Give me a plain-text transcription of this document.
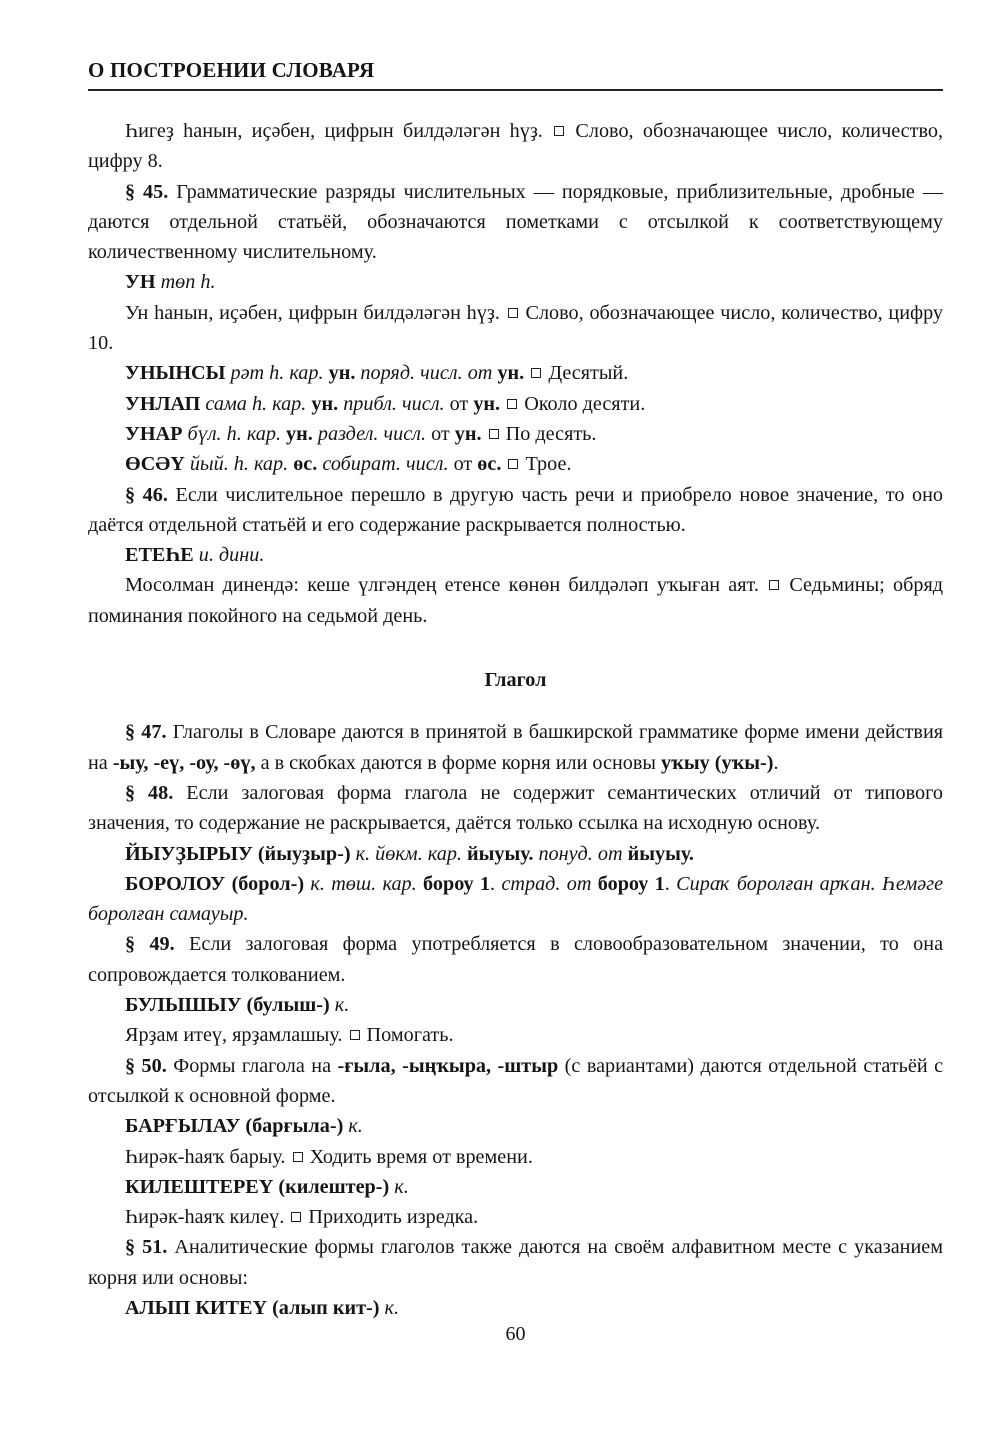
О ПОСТРОЕНИИ СЛОВАРЯ

Һигеҙ һанын, иҫәбен, цифрын билдәләгән һүҙ. Слово, обозначающее число, количество, цифру 8.

§ 45. Грамматические разряды числительных — порядковые, приблизительные, дробные — даются отдельной статьёй, обозначаются пометками с отсылкой к соответствующему количественному числительному.

УН төп һ.

Ун һанын, иҫәбен, цифрын билдәләгән һүҙ. Слово, обозначающее число, количество, цифру 10.

УНЫНСЫ рәт һ. кар. ун. поряд. числ. от ун. Десятый.

УНЛАП сама һ. кар. ун. прибл. числ. от ун. Около десяти.

УНАР бүл. һ. кар. ун. раздел. числ. от ун. По десять.

ӨСӘҮ йый. һ. кар. өс. собират. числ. от өс. Трое.

§ 46. Если числительное перешло в другую часть речи и приобрело новое значение, то оно даётся отдельной статьёй и его содержание раскрывается полностью.

ЕТЕҺЕ и. дини.

Мосолман динендә: кеше үлгәндең етенсе көнөн билдәләп уҡыған аят. Седьмины; обряд поминания покойного на седьмой день.

Глагол

§ 47. Глаголы в Словаре даются в принятой в башкирской грамматике форме имени действия на -ыу, -еү, -оу, -өү, а в скобках даются в форме корня или основы уҡыу (уҡы-).

§ 48. Если залоговая форма глагола не содержит семантических отличий от типового значения, то содержание не раскрывается, даётся только ссылка на исходную основу.

ЙЫУҘЫРЫУ (йыуҙыр-) к. йөкм. кар. йыуыу. понуд. от йыуыу.

БОРОЛОУ (борол-) к. төш. кар. бороу 1. страд. от бороу 1. Сираҡ боролған арҡан. Һемәге боролған самауыр.

§ 49. Если залоговая форма употребляется в словообразовательном значении, то она сопровождается толкованием.

БУЛЫШЫУ (булыш-) к.

Ярҙам итеү, ярҙамлашыу. Помогать.

§ 50. Формы глагола на -ғыла, -ыңҡыра, -штыр (с вариантами) даются отдельной статьёй с отсылкой к основной форме.

БАРҒЫЛАУ (барғыла-) к.

Һирәк-һаяҡ барыу. Ходить время от времени.

КИЛЕШТЕРЕҮ (килештер-) к.

Һирәк-һаяҡ килеү. Приходить изредка.

§ 51. Аналитические формы глаголов также даются на своём алфавитном месте с указанием корня или основы:

АЛЫП КИТЕҮ (алып кит-) к.

60
